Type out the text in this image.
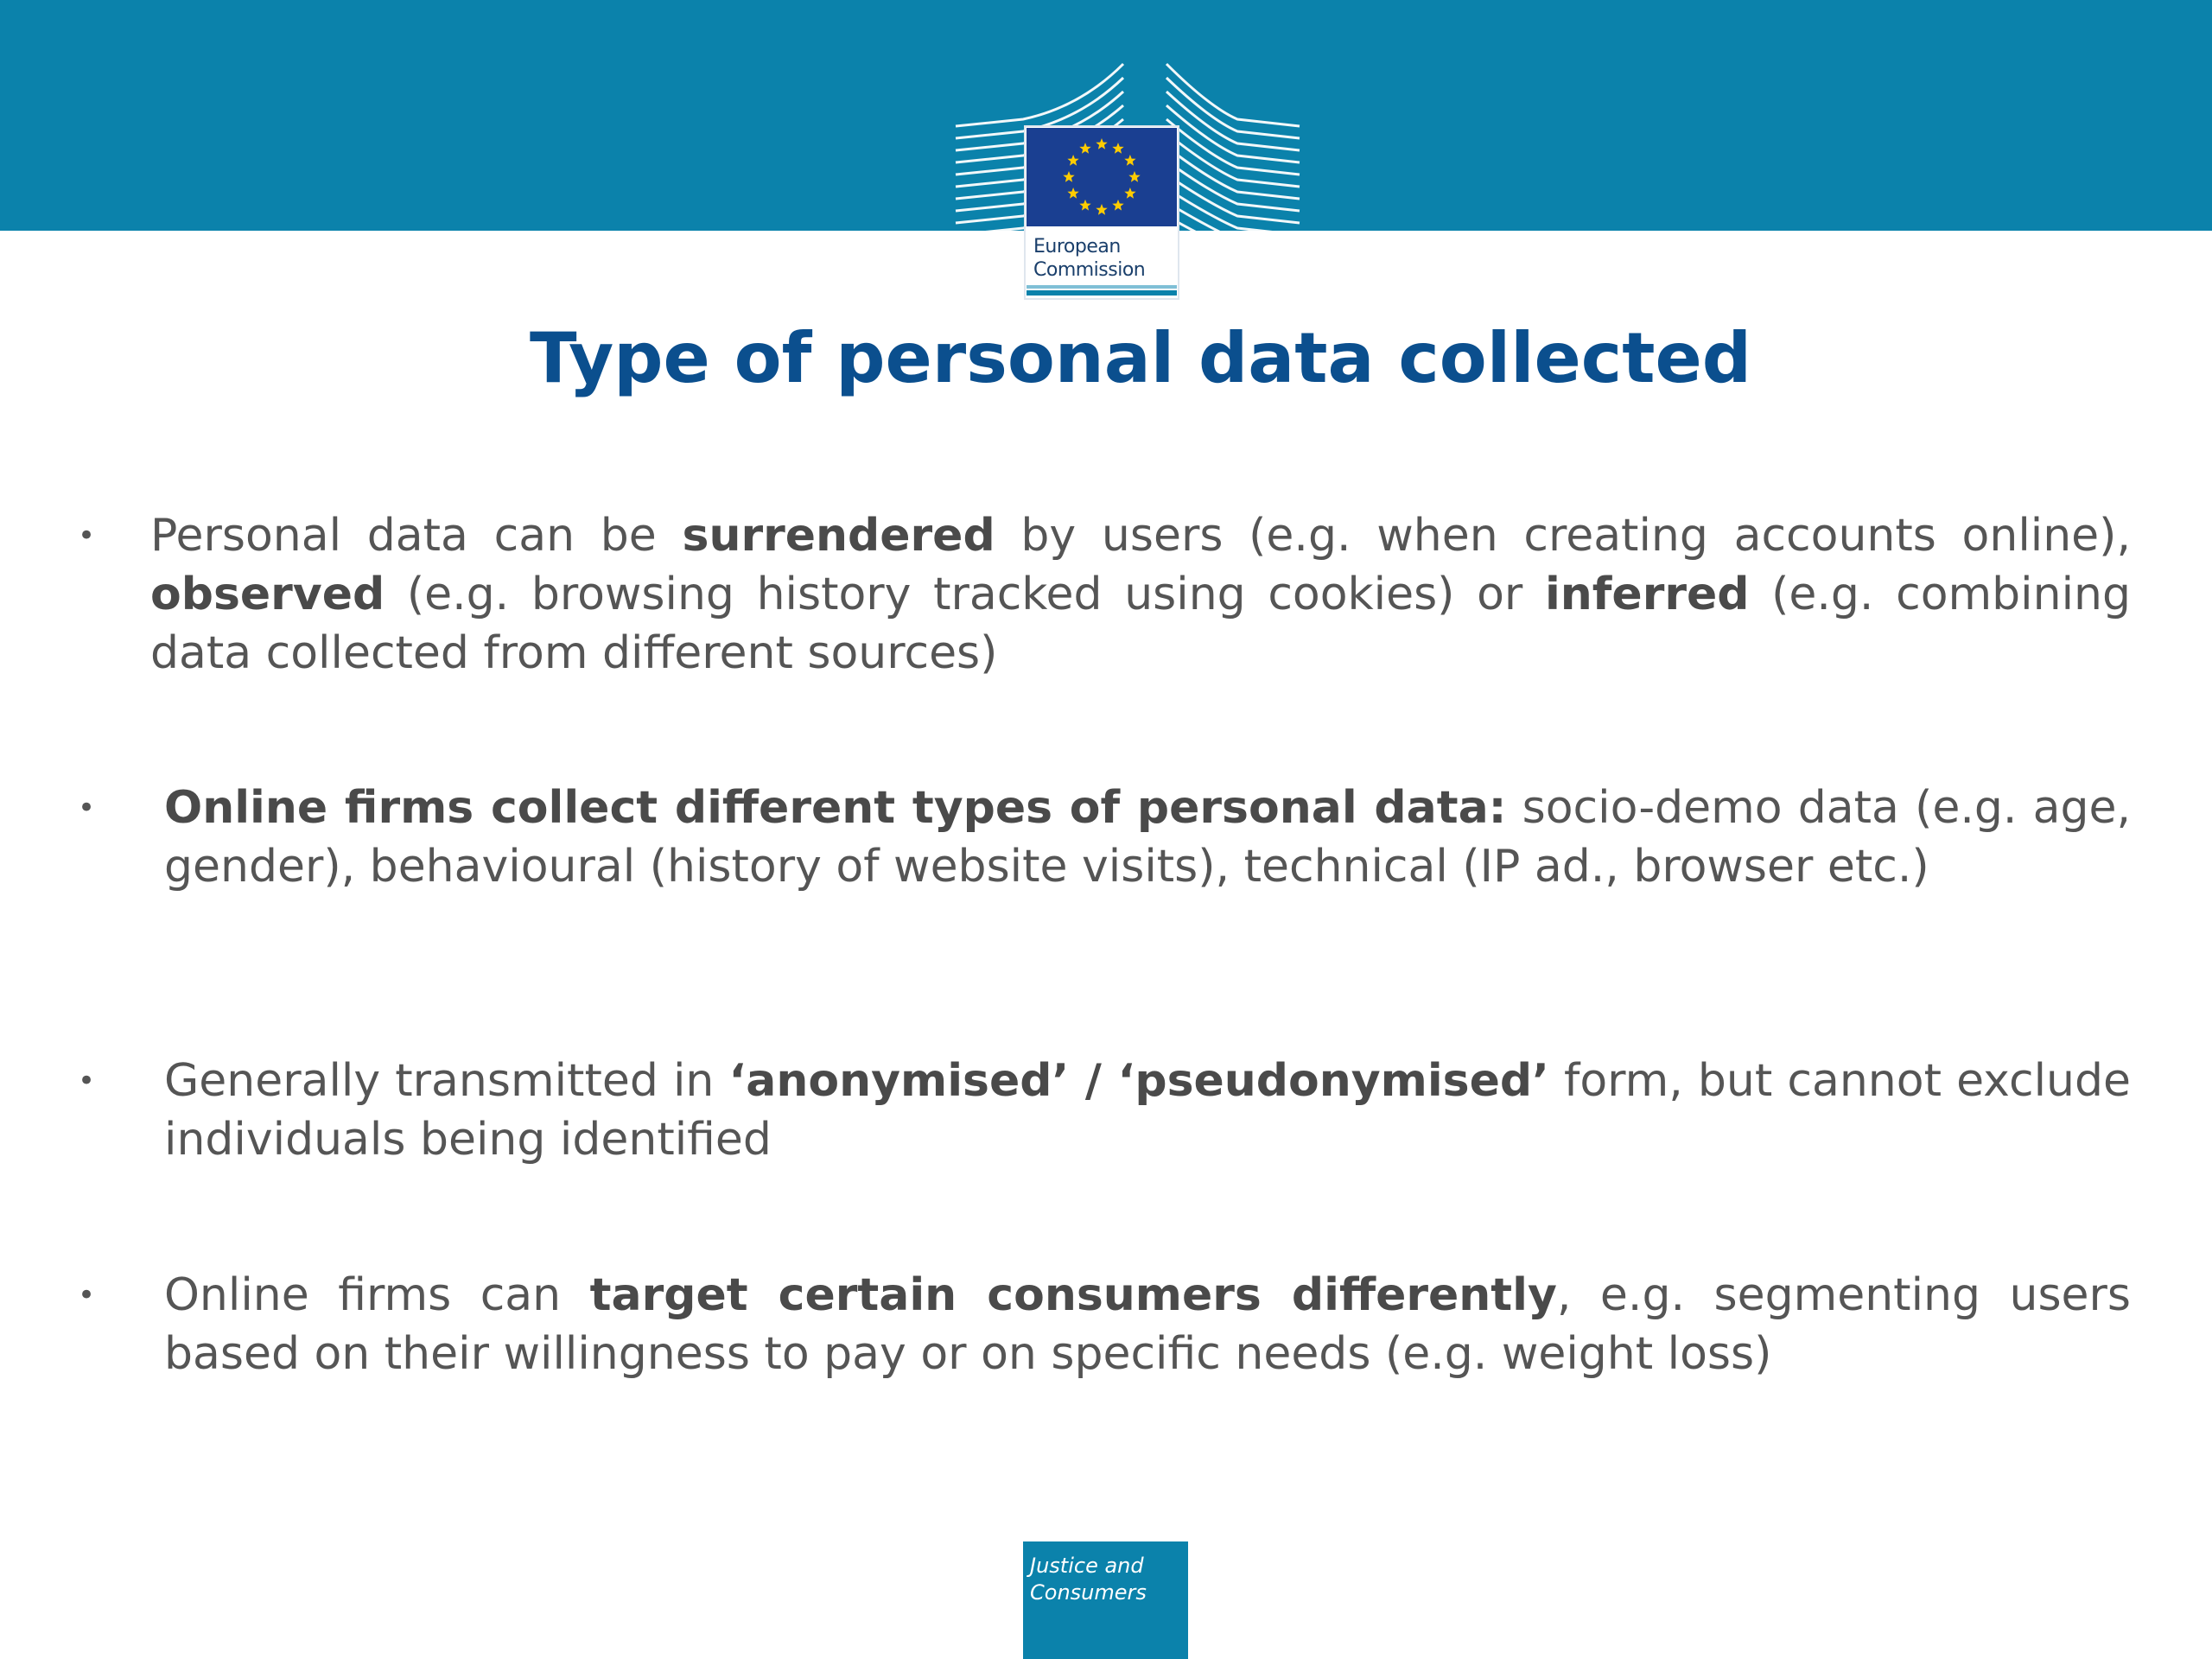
European
Commission
Type of personal data collected
• Personal data can be surrendered by users (e.g. when creating accounts online), observed (e.g. browsing history tracked using cookies) or inferred (e.g. combining data collected from different sources)
• Online firms collect different types of personal data: socio-demo data (e.g. age, gender), behavioural (history of website visits), technical (IP ad., browser etc.)
• Generally transmitted in ‘anonymised’ / ‘pseudonymised’ form, but cannot exclude individuals being identified
• Online firms can target certain consumers differently, e.g. segmenting users based on their willingness to pay or on specific needs (e.g. weight loss)
Justice and
Consumers
